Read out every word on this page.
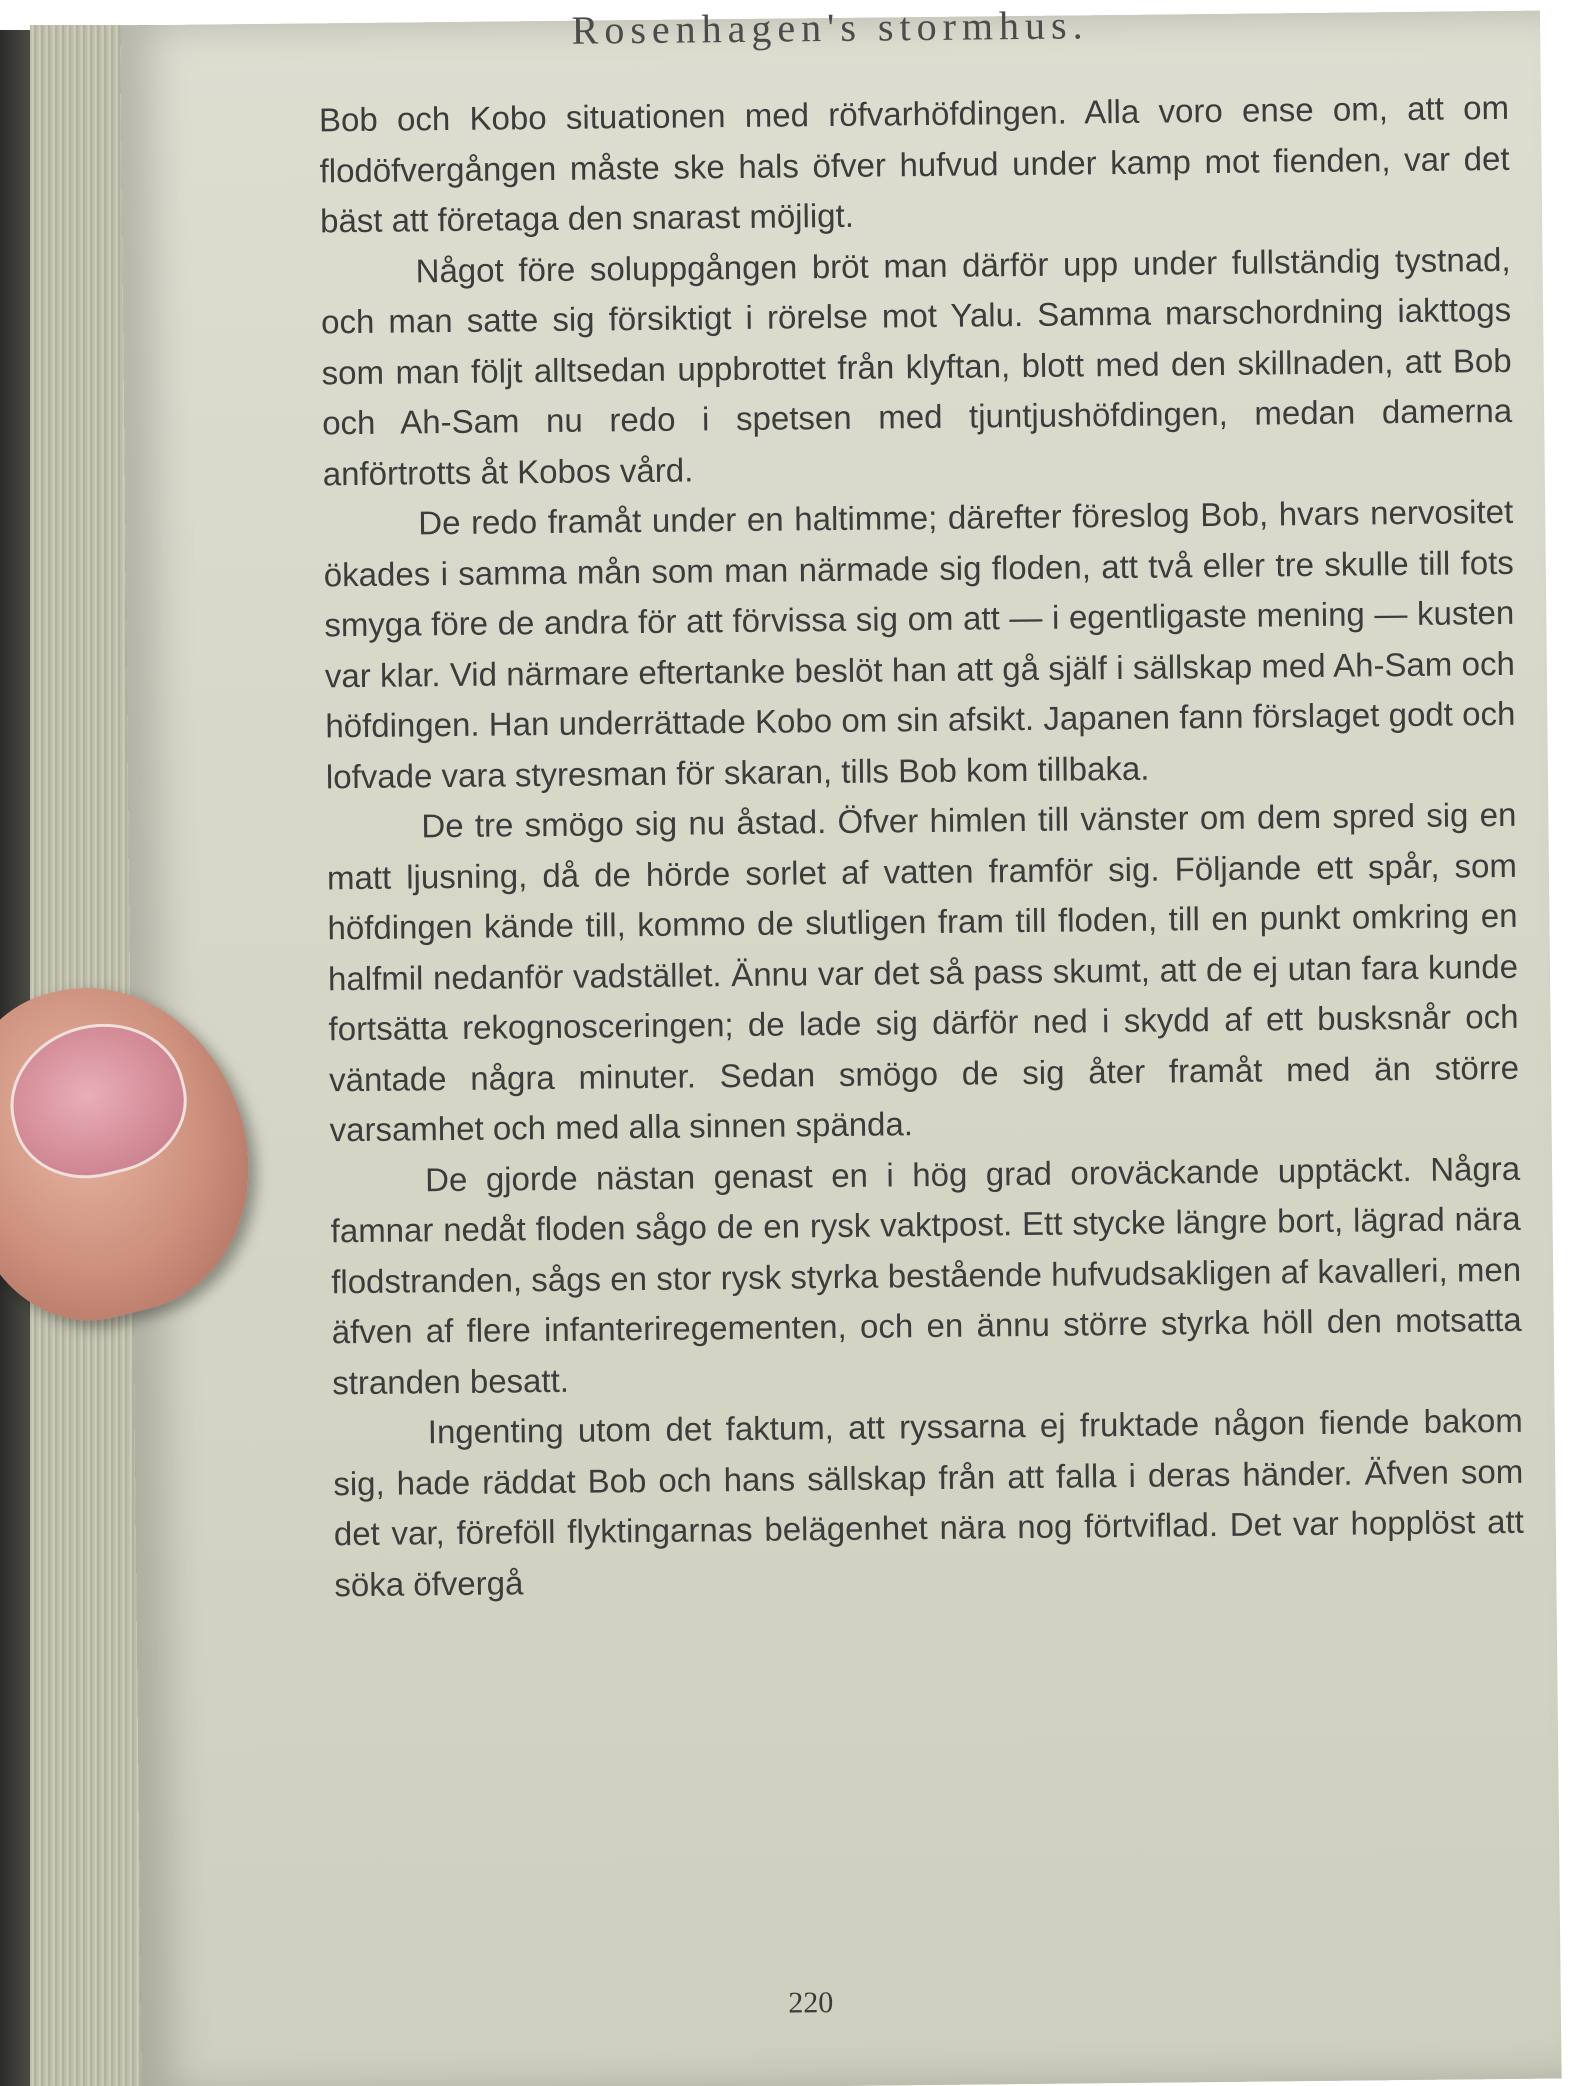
Rosenhagen's stormhus.

Bob och Kobo situationen med röfvarhöfdingen. Alla voro ense om, att om flodöfvergången måste ske hals öfver hufvud under kamp mot fienden, var det bäst att företaga den snarast möjligt.

Något före soluppgången bröt man därför upp under fullständig tystnad, och man satte sig försiktigt i rörelse mot Yalu. Samma marschordning iakttogs som man följt alltsedan uppbrottet från klyftan, blott med den skillnaden, att Bob och Ah-Sam nu redo i spetsen med tjuntjushöfdingen, medan damerna anförtrotts åt Kobos vård.

De redo framåt under en haltimme; därefter föreslog Bob, hvars nervositet ökades i samma mån som man närmade sig floden, att två eller tre skulle till fots smyga före de andra för att förvissa sig om att — i egentligaste mening — kusten var klar. Vid närmare eftertanke beslöt han att gå själf i sällskap med Ah-Sam och höfdingen. Han underrättade Kobo om sin afsikt. Japanen fann förslaget godt och lofvade vara styresman för skaran, tills Bob kom tillbaka.

De tre smögo sig nu åstad. Öfver himlen till vänster om dem spred sig en matt ljusning, då de hörde sorlet af vatten framför sig. Följande ett spår, som höfdingen kände till, kommo de slutligen fram till floden, till en punkt omkring en halfmil nedanför vadstället. Ännu var det så pass skumt, att de ej utan fara kunde fortsätta rekognosceringen; de lade sig därför ned i skydd af ett busksnår och väntade några minuter. Sedan smögo de sig åter framåt med än större varsamhet och med alla sinnen spända.

De gjorde nästan genast en i hög grad oroväckande upptäckt. Några famnar nedåt floden sågo de en rysk vaktpost. Ett stycke längre bort, lägrad nära flodstranden, sågs en stor rysk styrka bestående hufvudsakligen af kavalleri, men äfven af flere infanteriregementen, och en ännu större styrka höll den motsatta stranden besatt.

Ingenting utom det faktum, att ryssarna ej fruktade någon fiende bakom sig, hade räddat Bob och hans sällskap från att falla i deras händer. Äfven som det var, föreföll flyktingarnas belägenhet nära nog förtviflad. Det var hopplöst att söka öfvergå

220
